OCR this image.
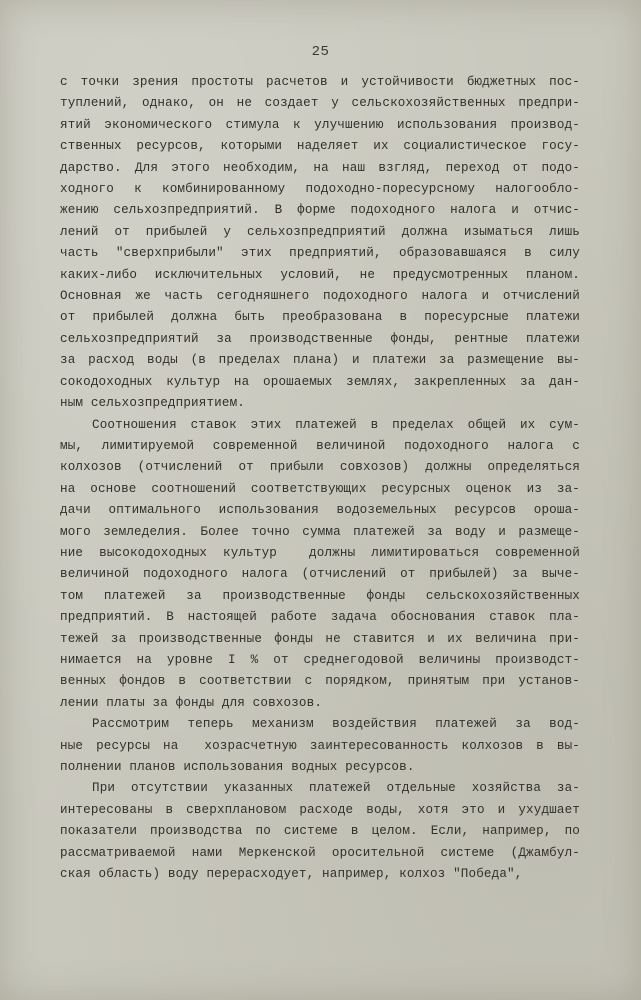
25

с точки зрения простоты расчетов и устойчивости бюджетных пос-
туплений, однако, он не создает у сельскохозяйственных предпри-
ятий экономического стимула к улучшению использования производ-
ственных ресурсов, которыми наделяет их социалистическое госу-
дарство. Для этого необходим, на наш взгляд, переход от подо-
ходного к комбинированному подоходно-поресурсному налогообло-
жению сельхозпредприятий. В форме подоходного налога и отчис-
лений от прибылей у сельхозпредприятий должна изыматься лишь
часть "сверхприбыли" этих предприятий, образовавшаяся в силу
каких-либо исключительных условий, не предусмотренных планом.
Основная же часть сегодняшнего подоходного налога и отчислений
от прибылей должна быть преобразована в поресурсные платежи
сельхозпредприятий за производственные фонды, рентные платежи
за расход воды (в пределах плана) и платежи за размещение вы-
сокодоходных культур на орошаемых землях, закрепленных за дан-
ным сельхозпредприятием.

Соотношения ставок этих платежей в пределах общей их сум-
мы, лимитируемой современной величиной подоходного налога с
колхозов (отчислений от прибыли совхозов) должны определяться
на основе соотношений соответствующих ресурсных оценок из за-
дачи оптимального использования водоземельных ресурсов ороша-
мого земледелия. Более точно сумма платежей за воду и размеще-
ние высокодоходных культур  должны лимитироваться современной
величиной подоходного налога (отчислений от прибылей) за выче-
том платежей за производственные фонды сельскохозяйственных
предприятий. В настоящей работе задача обоснования ставок пла-
тежей за производственные фонды не ставится и их величина при-
нимается на уровне I % от среднегодовой величины производст-
венных фондов в соответствии с порядком, принятым при установ-
лении платы за фонды для совхозов.

Рассмотрим теперь механизм воздействия платежей за вод-
ные ресурсы на  хозрасчетную заинтересованность колхозов в вы-
полнении планов использования водных ресурсов.

При отсутствии указанных платежей отдельные хозяйства за-
интересованы в сверхплановом расходе воды, хотя это и ухудшает
показатели производства по системе в целом. Если, например, по
рассматриваемой нами Меркенской оросительной системе (Джамбул-
ская область) воду перерасходует, например, колхоз "Победа",
